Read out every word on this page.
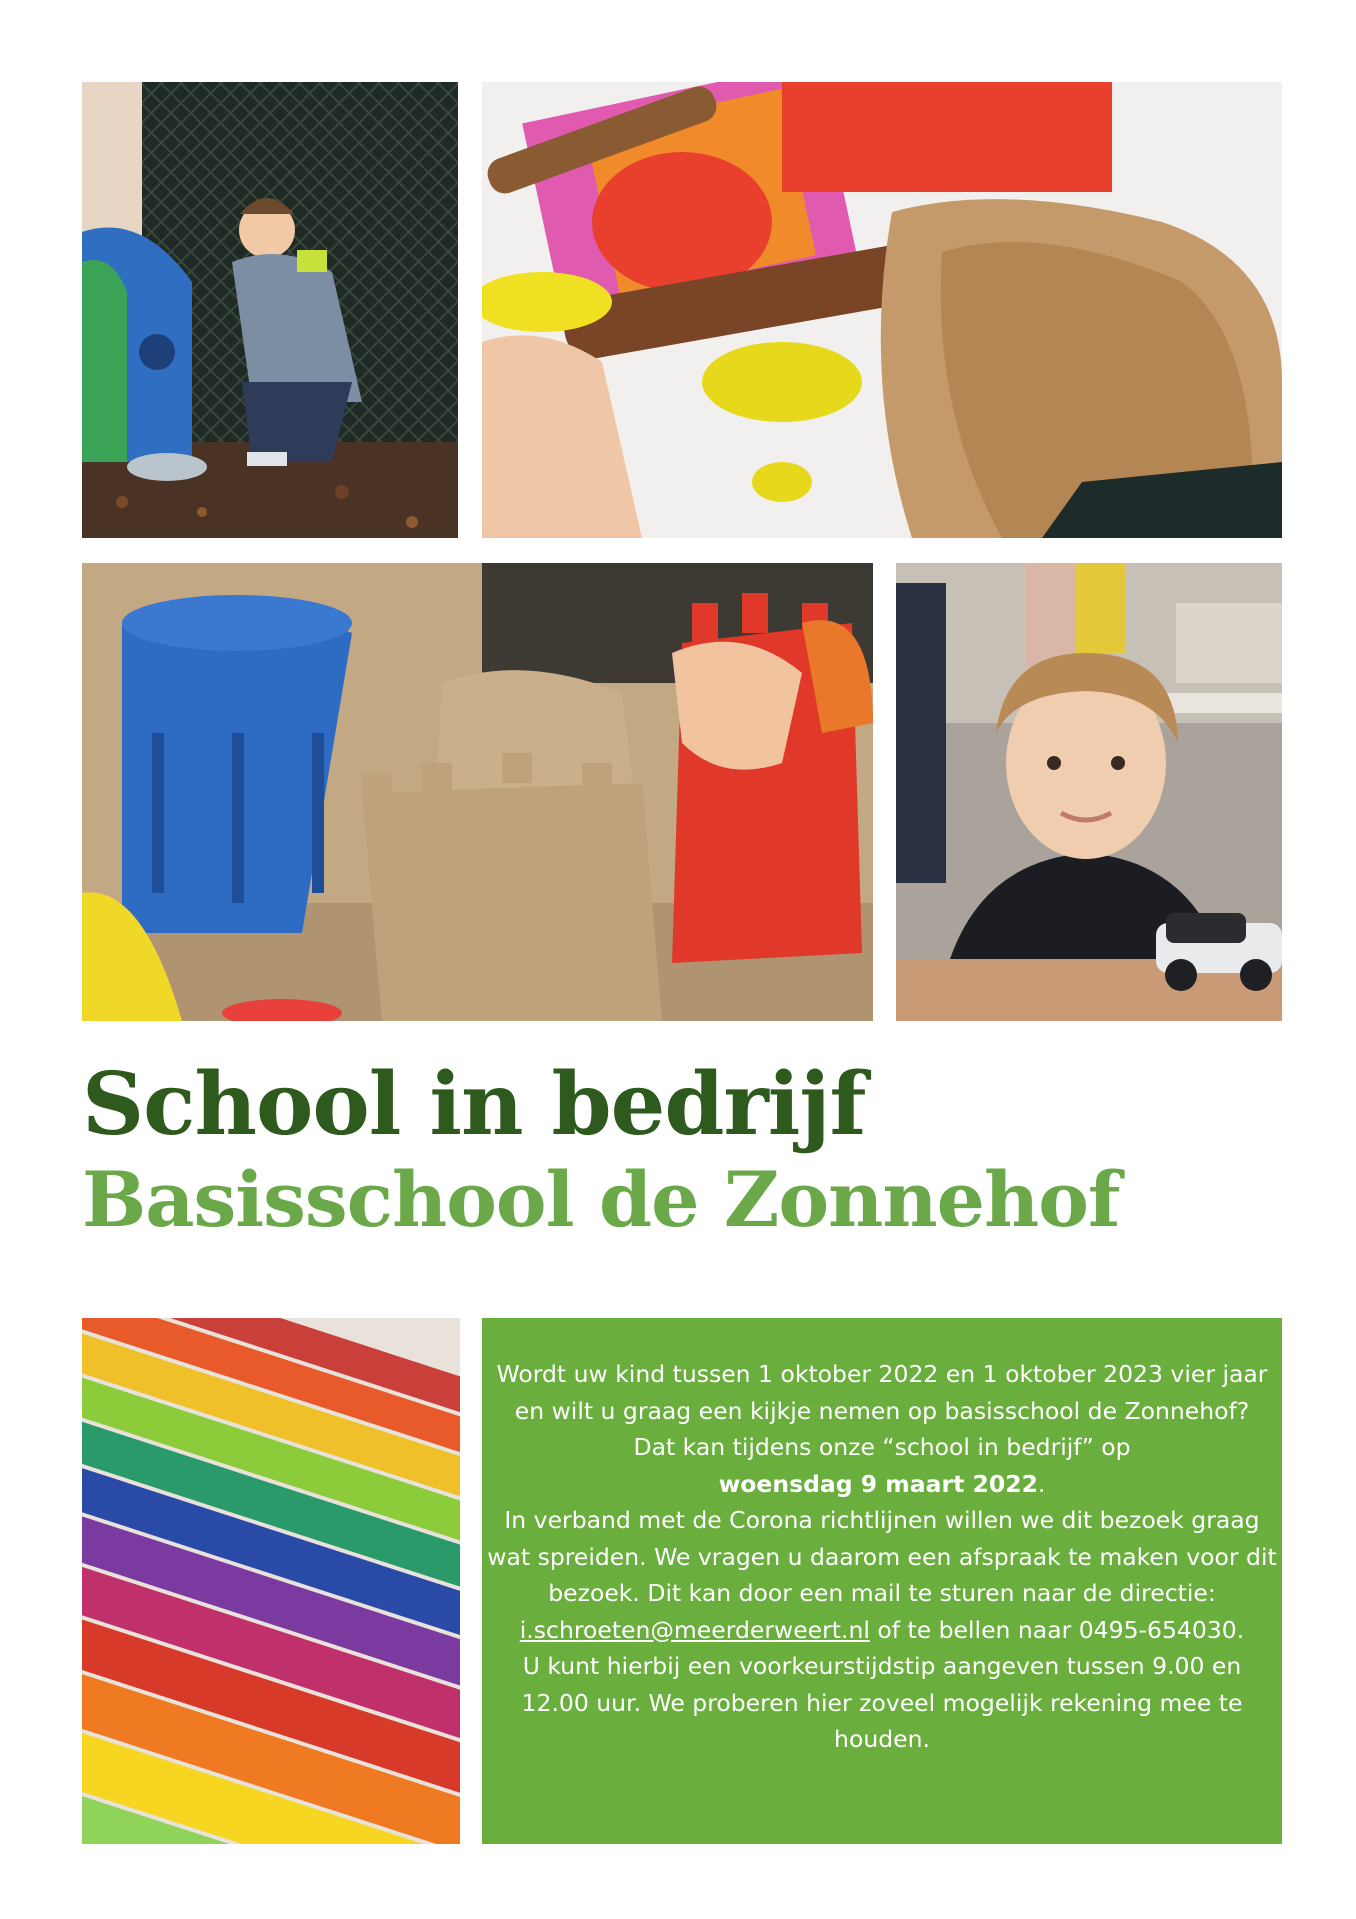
School in bedrijf
Basisschool de Zonnehof

Wordt uw kind tussen 1 oktober 2022 en 1 oktober 2023 vier jaar en wilt u graag een kijkje nemen op basisschool de Zonnehof?

Dat kan tijdens onze “school in bedrijf” op

woensdag 9 maart 2022.

In verband met de Corona richtlijnen willen we dit bezoek graag wat spreiden. We vragen u daarom een afspraak te maken voor dit bezoek. Dit kan door een mail te sturen naar de directie: i.schroeten@meerderweert.nl of te bellen naar 0495-654030.

U kunt hierbij een voorkeurstijdstip aangeven tussen 9.00 en 12.00 uur. We proberen hier zoveel mogelijk rekening mee te houden.
